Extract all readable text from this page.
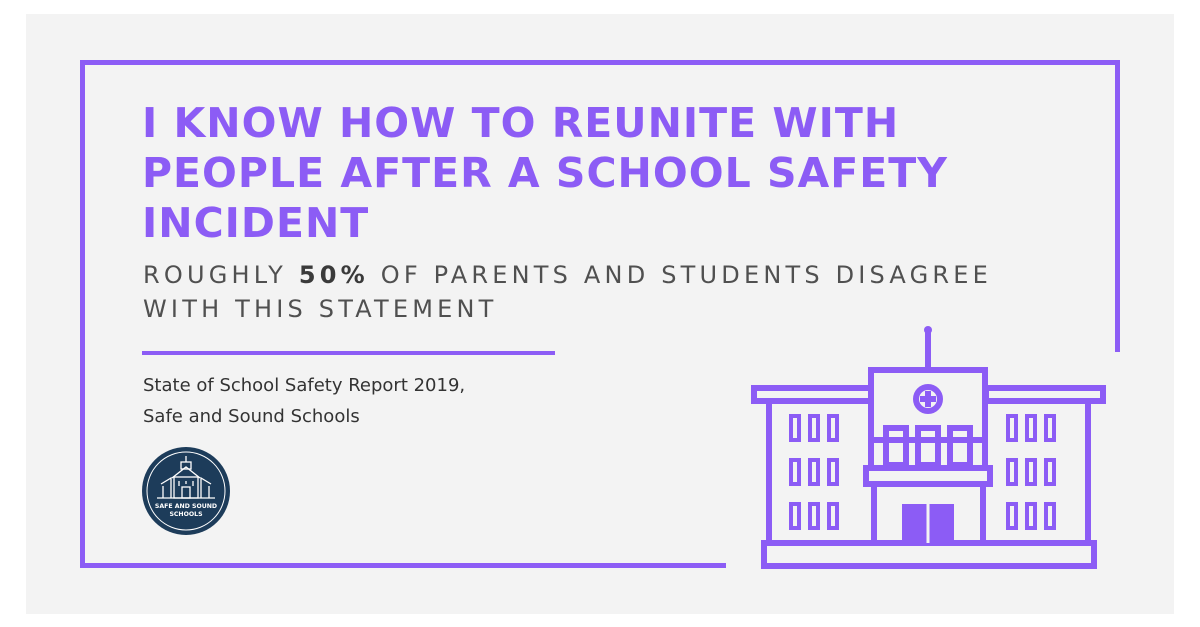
I KNOW HOW TO REUNITE WITH PEOPLE AFTER A SCHOOL SAFETY INCIDENT

ROUGHLY 50% OF PARENTS AND STUDENTS DISAGREE WITH THIS STATEMENT

State of School Safety Report 2019,
Safe and Sound Schools
SAFE AND SOUND
SCHOOLS
